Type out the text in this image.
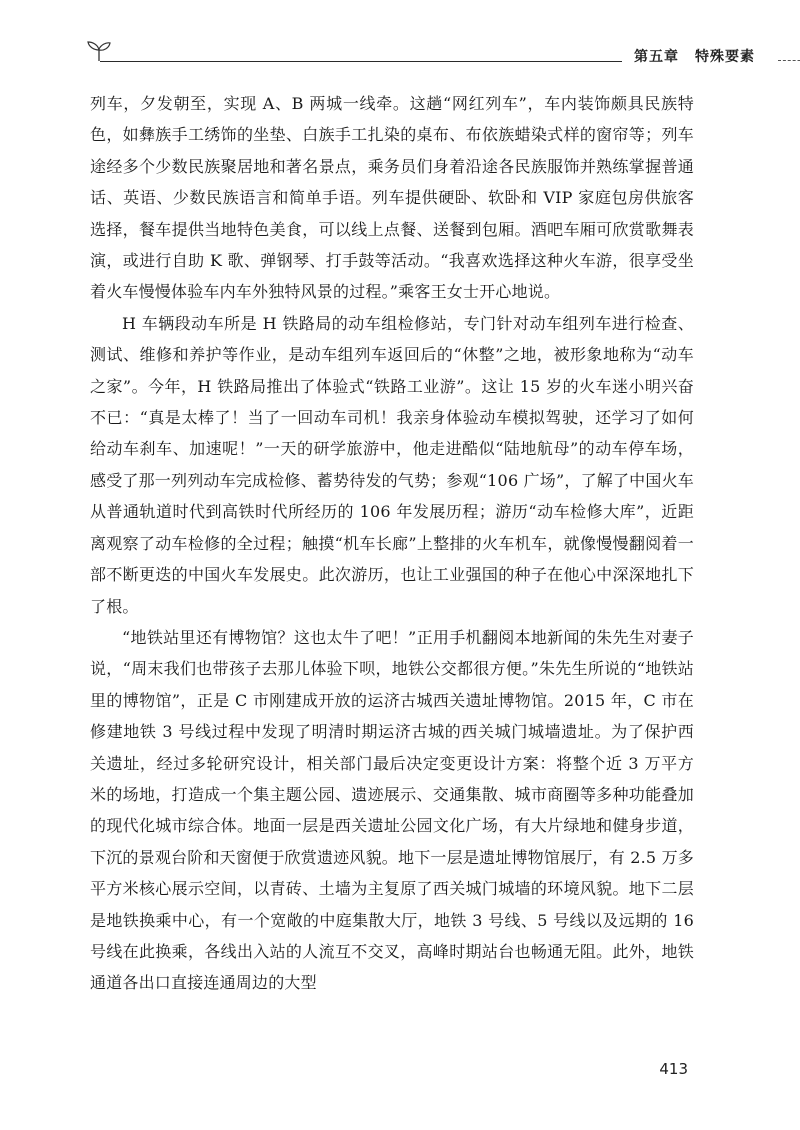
第五章 特殊要素

列车，夕发朝至，实现 A、B 两城一线牵。这趟“网红列车”，车内装饰颇具民族特色，如彝族手工绣饰的坐垫、白族手工扎染的桌布、布依族蜡染式样的窗帘等；列车途经多个少数民族聚居地和著名景点，乘务员们身着沿途各民族服饰并熟练掌握普通话、英语、少数民族语言和简单手语。列车提供硬卧、软卧和 VIP 家庭包房供旅客选择，餐车提供当地特色美食，可以线上点餐、送餐到包厢。酒吧车厢可欣赏歌舞表演，或进行自助 K 歌、弹钢琴、打手鼓等活动。“我喜欢选择这种火车游，很享受坐着火车慢慢体验车内车外独特风景的过程。”乘客王女士开心地说。

H 车辆段动车所是 H 铁路局的动车组检修站，专门针对动车组列车进行检查、测试、维修和养护等作业，是动车组列车返回后的“休整”之地，被形象地称为“动车之家”。今年，H 铁路局推出了体验式“铁路工业游”。这让 15 岁的火车迷小明兴奋不已：“真是太棒了！当了一回动车司机！我亲身体验动车模拟驾驶，还学习了如何给动车刹车、加速呢！”一天的研学旅游中，他走进酷似“陆地航母”的动车停车场，感受了那一列列动车完成检修、蓄势待发的气势；参观“106 广场”，了解了中国火车从普通轨道时代到高铁时代所经历的 106 年发展历程；游历“动车检修大库”，近距离观察了动车检修的全过程；触摸“机车长廊”上整排的火车机车，就像慢慢翻阅着一部不断更迭的中国火车发展史。此次游历，也让工业强国的种子在他心中深深地扎下了根。

“地铁站里还有博物馆？这也太牛了吧！”正用手机翻阅本地新闻的朱先生对妻子说，“周末我们也带孩子去那儿体验下呗，地铁公交都很方便。”朱先生所说的“地铁站里的博物馆”，正是 C 市刚建成开放的运济古城西关遗址博物馆。2015 年，C 市在修建地铁 3 号线过程中发现了明清时期运济古城的西关城门城墙遗址。为了保护西关遗址，经过多轮研究设计，相关部门最后决定变更设计方案：将整个近 3 万平方米的场地，打造成一个集主题公园、遗迹展示、交通集散、城市商圈等多种功能叠加的现代化城市综合体。地面一层是西关遗址公园文化广场，有大片绿地和健身步道，下沉的景观台阶和天窗便于欣赏遗迹风貌。地下一层是遗址博物馆展厅，有 2.5 万多平方米核心展示空间，以青砖、土墙为主复原了西关城门城墙的环境风貌。地下二层是地铁换乘中心，有一个宽敞的中庭集散大厅，地铁 3 号线、5 号线以及远期的 16 号线在此换乘，各线出入站的人流互不交叉，高峰时期站台也畅通无阻。此外，地铁通道各出口直接连通周边的大型

413
